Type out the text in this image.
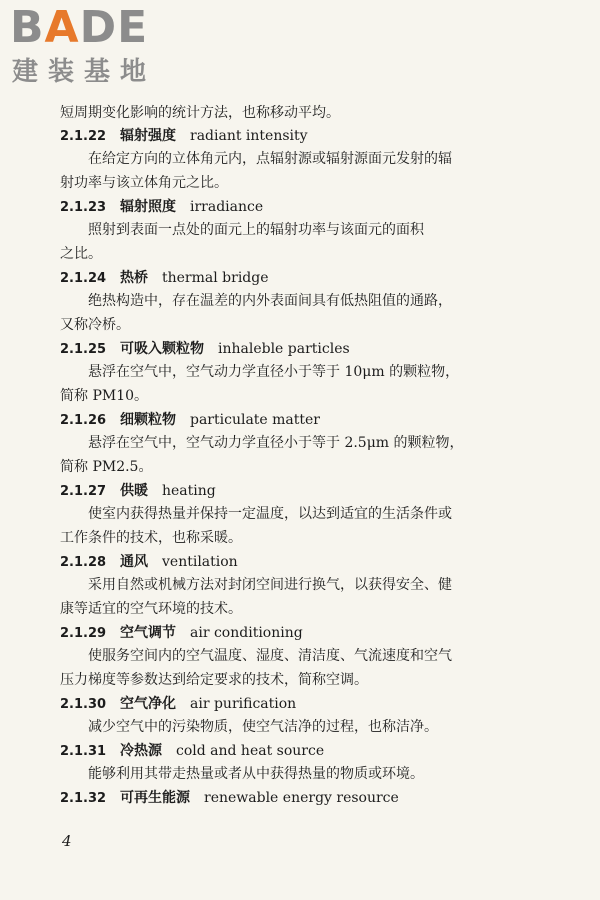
BADE
建装基地
短周期变化影响的统计方法，也称移动平均。
2.1.22 辐射强度 radiant intensity
在给定方向的立体角元内，点辐射源或辐射源面元发射的辐
射功率与该立体角元之比。
2.1.23 辐射照度 irradiance
照射到表面一点处的面元上的辐射功率与该面元的面积
之比。
2.1.24 热桥 thermal bridge
绝热构造中，存在温差的内外表面间具有低热阻值的通路，
又称冷桥。
2.1.25 可吸入颗粒物 inhaleble particles
悬浮在空气中，空气动力学直径小于等于 10μm 的颗粒物，
简称 PM10。
2.1.26 细颗粒物 particulate matter
悬浮在空气中，空气动力学直径小于等于 2.5μm 的颗粒物，
简称 PM2.5。
2.1.27 供暖 heating
使室内获得热量并保持一定温度，以达到适宜的生活条件或
工作条件的技术，也称采暖。
2.1.28 通风 ventilation
采用自然或机械方法对封闭空间进行换气，以获得安全、健
康等适宜的空气环境的技术。
2.1.29 空气调节 air conditioning
使服务空间内的空气温度、湿度、清洁度、气流速度和空气
压力梯度等参数达到给定要求的技术，简称空调。
2.1.30 空气净化 air purification
减少空气中的污染物质，使空气洁净的过程，也称洁净。
2.1.31 冷热源 cold and heat source
能够利用其带走热量或者从中获得热量的物质或环境。
2.1.32 可再生能源 renewable energy resource
4
